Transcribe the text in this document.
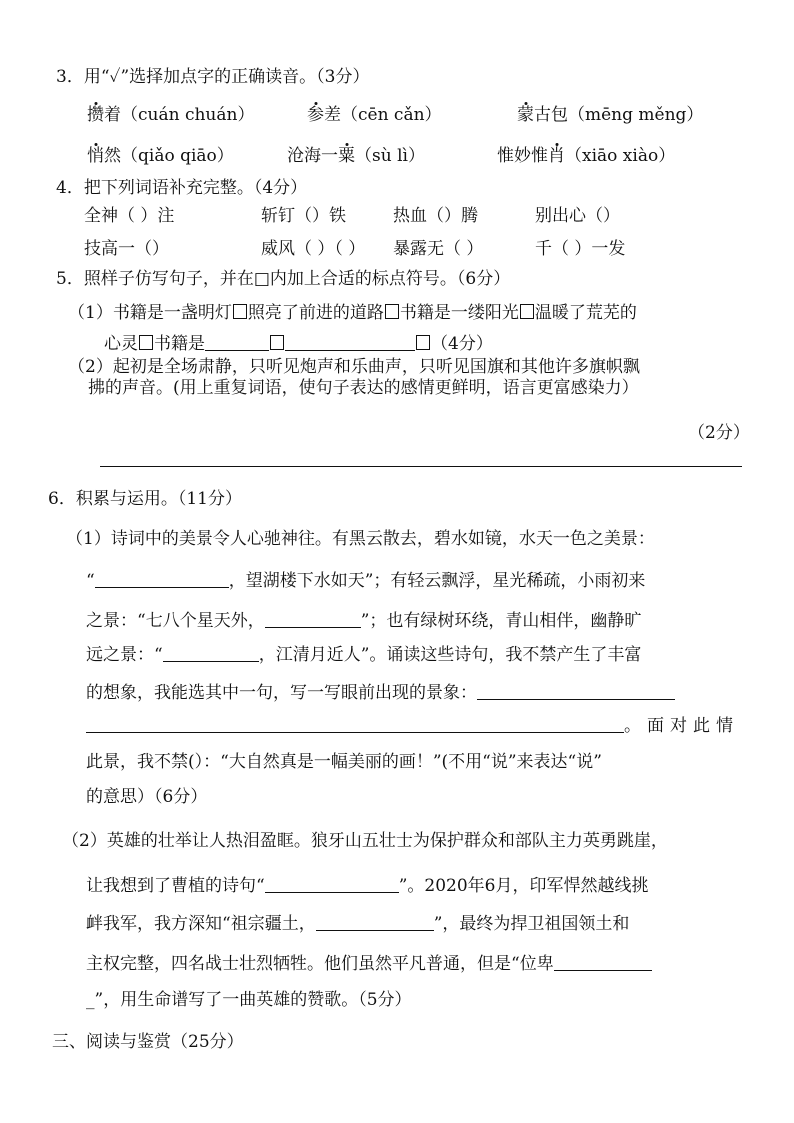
3．用“✓”选择加点字的正确读音。（3分）
攒着（cuán chuán）	参差（cēn cǎn）	蒙古包（mēng měng）
悄然（qiǎo qiāo）	沧海一粟（sù lì）	惟妙惟肖（xiāo xiào）
4．把下列词语补充完整。（4分）
全神（ ）注	斩钉（）铁	热血（）腾	别出心（）
技高一（）	威风（ ）（ ） 暴露无（ ）	千（ ）一发
5．照样子仿写句子，并在□内加上合适的标点符号。（6分）
（1）书籍是一盏明灯 照亮了前进的道路 书籍是一缕阳光 温暖了荒芜的
心灵 书籍是	（4分）
（2）起初是全场肃静，只听见炮声和乐曲声，只听见国旗和其他许多旗帜飘
拂的声音。(用上重复词语，使句子表达的感情更鲜明，语言更富感染力）
（2分）
6．积累与运用。（11分）
（1）诗词中的美景令人心驰神往。有黑云散去，碧水如镜，水天一色之美景：
“	，望湖楼下水如天”；有轻云飘浮，星光稀疏，小雨初来
之景：“七八个星天外，	”；也有绿树环绕，青山相伴，幽静旷
远之景：“	，江清月近人”。诵读这些诗句，我不禁产生了丰富
的想象，我能选其中一句，写一写眼前出现的景象：
。面对此情
此景，我不禁(）：“大自然真是一幅美丽的画！”(不用“说”来表达“说”
的意思）（6分）
（2）英雄的壮举让人热泪盈眶。狼牙山五壮士为保护群众和部队主力英勇跳崖，
让我想到了曹植的诗句“	”。2020年6月，印军悍然越线挑
衅我军，我方深知“祖宗疆土，	”，最终为捍卫祖国领土和
主权完整，四名战士壮烈牺牲。他们虽然平凡普通，但是“位卑
_”，用生命谱写了一曲英雄的赞歌。（5分）
三、阅读与鉴赏（25分）
